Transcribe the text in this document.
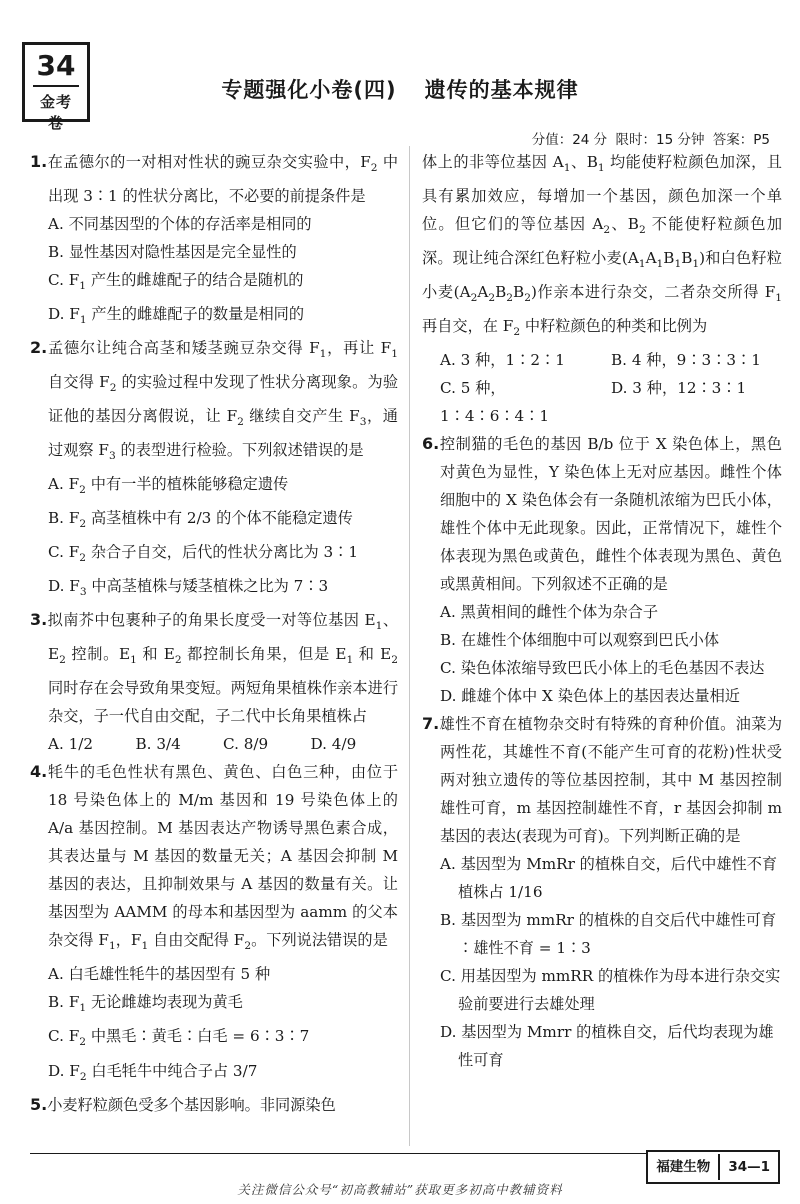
34
金考卷
专题强化小卷(四) 遗传的基本规律
分值：24 分 限时：15 分钟 答案：P5
1.在孟德尔的一对相对性状的豌豆杂交实验中，$F_2$ 中出现 3∶1 的性状分离比，不必要的前提条件是
A. 不同基因型的个体的存活率是相同的
B. 显性基因对隐性基因是完全显性的
C. $F_1$ 产生的雌雄配子的结合是随机的
D. $F_1$ 产生的雌雄配子的数量是相同的
2.孟德尔让纯合高茎和矮茎豌豆杂交得 $F_1$，再让 $F_1$ 自交得 $F_2$ 的实验过程中发现了性状分离现象。为验证他的基因分离假说，让 $F_2$ 继续自交产生 $F_3$，通过观察 $F_3$ 的表型进行检验。下列叙述错误的是
A. $F_2$ 中有一半的植株能够稳定遗传
B. $F_2$ 高茎植株中有 2/3 的个体不能稳定遗传
C. $F_2$ 杂合子自交，后代的性状分离比为 3∶1
D. $F_3$ 中高茎植株与矮茎植株之比为 7∶3
3.拟南芥中包裹种子的角果长度受一对等位基因 $E_1$、$E_2$ 控制。$E_1$ 和 $E_2$ 都控制长角果，但是 $E_1$ 和 $E_2$ 同时存在会导致角果变短。两短角果植株作亲本进行杂交，子一代自由交配，子二代中长角果植株占
A. 1/2	B. 3/4	C. 8/9	D. 4/9
4.牦牛的毛色性状有黑色、黄色、白色三种，由位于 18 号染色体上的 M/m 基因和 19 号染色体上的 A/a 基因控制。M 基因表达产物诱导黑色素合成，其表达量与 M 基因的数量无关；A 基因会抑制 M 基因的表达，且抑制效果与 A 基因的数量有关。让基因型为 AAMM 的母本和基因型为 aamm 的父本杂交得 $F_1$，$F_1$ 自由交配得 $F_2$。下列说法错误的是
A. 白毛雄性牦牛的基因型有 5 种
B. $F_1$ 无论雌雄均表现为黄毛
C. $F_2$ 中黑毛∶黄毛∶白毛 = 6∶3∶7
D. $F_2$ 白毛牦牛中纯合子占 3/7
5.小麦籽粒颜色受多个基因影响。非同源染色
体上的非等位基因 $A_1$、$B_1$ 均能使籽粒颜色加深，且具有累加效应，每增加一个基因，颜色加深一个单位。但它们的等位基因 $A_2$、$B_2$ 不能使籽粒颜色加深。现让纯合深红色籽粒小麦$(A_1A_1B_1B_1)$和白色籽粒小麦$(A_2A_2B_2B_2)$作亲本进行杂交，二者杂交所得 $F_1$ 再自交，在 $F_2$ 中籽粒颜色的种类和比例为
A. 3 种，1∶2∶1	B. 4 种，9∶3∶3∶1
C. 5 种，1∶4∶6∶4∶1
D. 3 种，12∶3∶1
6.控制猫的毛色的基因 B/b 位于 X 染色体上，黑色对黄色为显性，Y 染色体上无对应基因。雌性个体细胞中的 X 染色体会有一条随机浓缩为巴氏小体，雄性个体中无此现象。因此，正常情况下，雄性个体表现为黑色或黄色，雌性个体表现为黑色、黄色或黑黄相间。下列叙述不正确的是
A. 黑黄相间的雌性个体为杂合子
B. 在雄性个体细胞中可以观察到巴氏小体
C. 染色体浓缩导致巴氏小体上的毛色基因不表达
D. 雌雄个体中 X 染色体上的基因表达量相近
7.雄性不育在植物杂交时有特殊的育种价值。油菜为两性花，其雄性不育(不能产生可育的花粉)性状受两对独立遗传的等位基因控制，其中 M 基因控制雄性可育，m 基因控制雄性不育，r 基因会抑制 m 基因的表达(表现为可育)。下列判断正确的是
A. 基因型为 MmRr 的植株自交，后代中雄性不育植株占 1/16
B. 基因型为 mmRr 的植株的自交后代中雄性可育∶雄性不育 = 1∶3
C. 用基因型为 mmRR 的植株作为母本进行杂交实验前要进行去雄处理
D. 基因型为 Mmrr 的植株自交，后代均表现为雄性可育
福建生物	34—1
关注微信公众号“初高教辅站”获取更多初高中教辅资料
